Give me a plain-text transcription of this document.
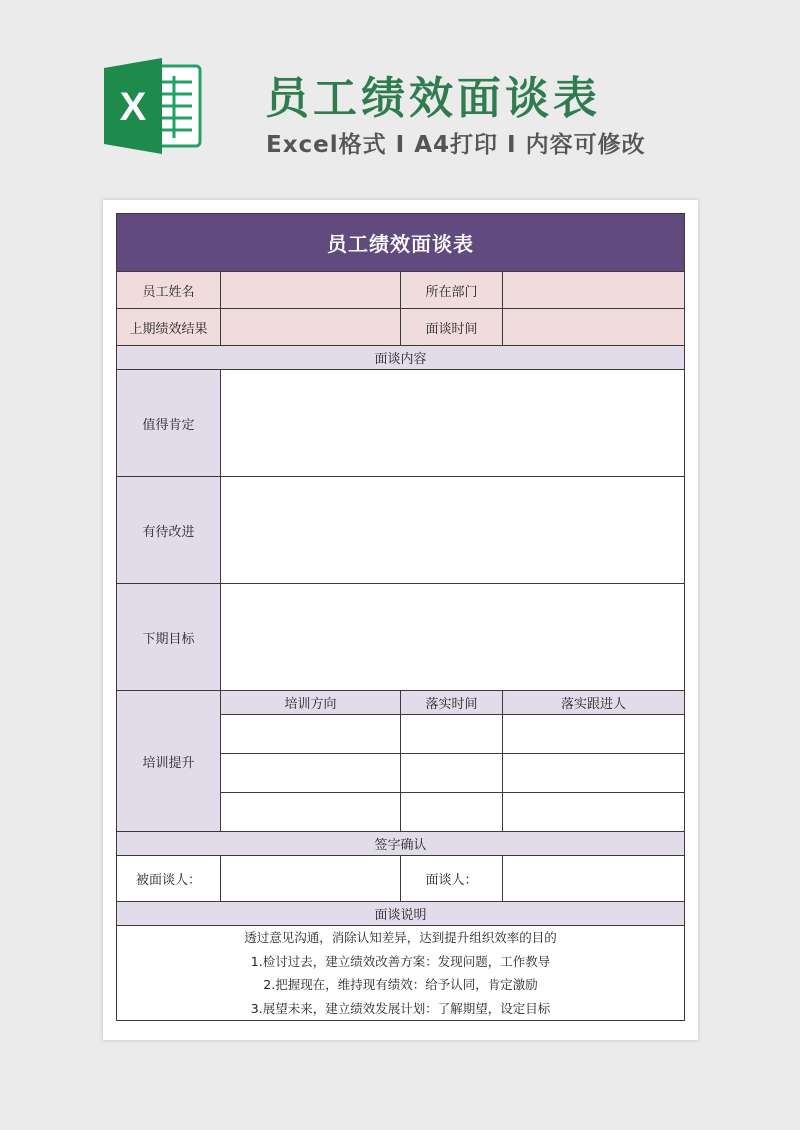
X	员工绩效面谈表
Excel格式 I A4打印 I 内容可修改
员工绩效面谈表			
员工姓名		所在部门	
上期绩效结果		面谈时间	
面谈内容			
值得肯定			
有待改进			
下期目标			
培训提升	培训方向	落实时间	落实跟进人

签字确认			
被面谈人：		面谈人：	
面谈说明			

透过意见沟通，消除认知差异，达到提升组织效率的目的
1.检讨过去，建立绩效改善方案：发现问题，工作教导
2.把握现在，维持现有绩效：给予认同，肯定激励
3.展望未来，建立绩效发展计划：了解期望，设定目标			
